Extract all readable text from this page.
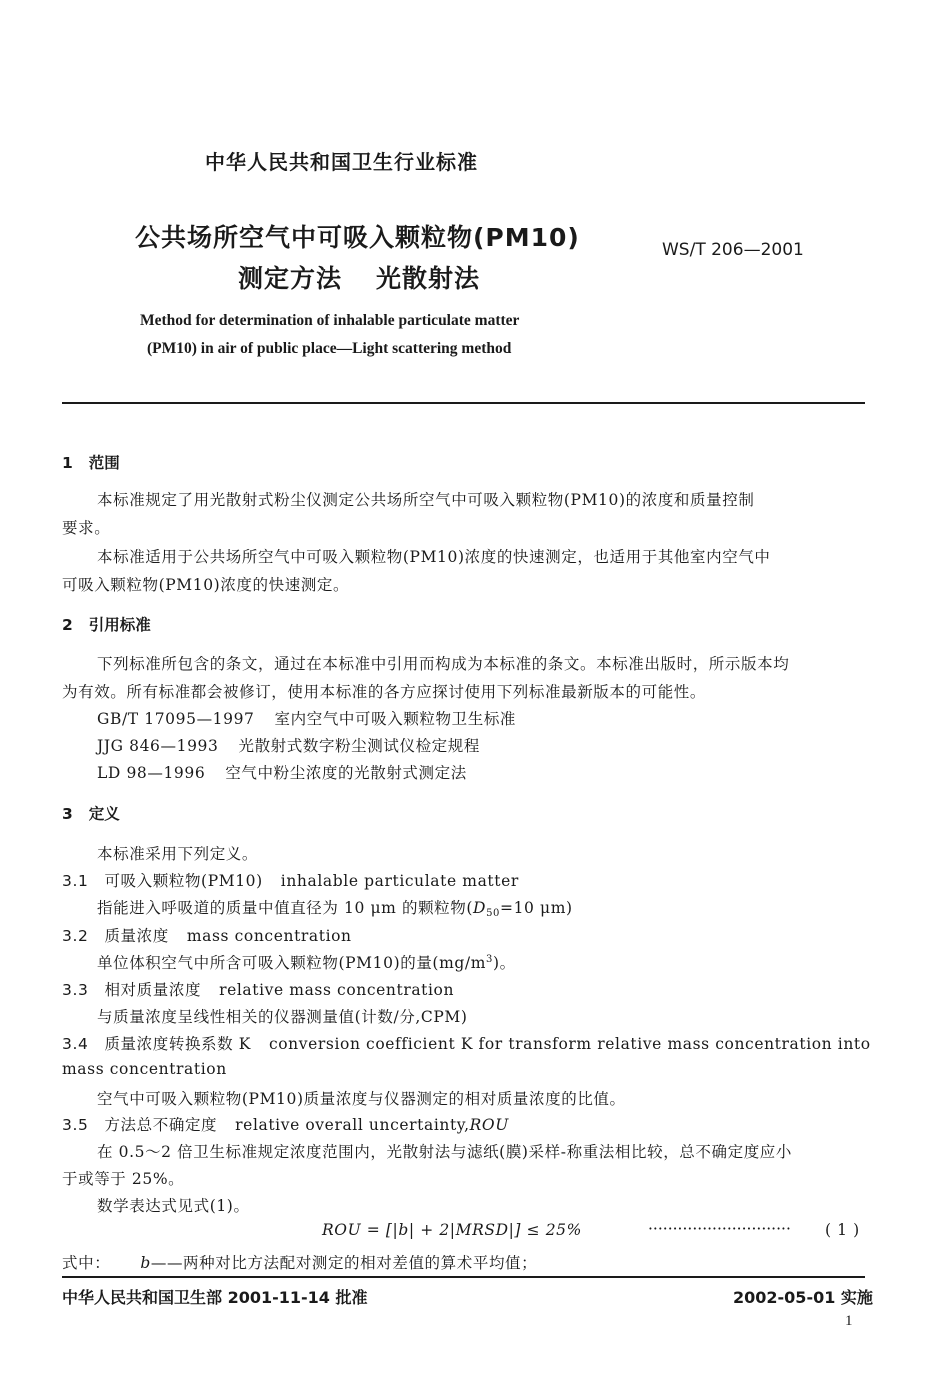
中华人民共和国卫生行业标准
公共场所空气中可吸入颗粒物(PM10)
测定方法 光散射法
WS/T 206—2001
Method for determination of inhalable particulate matter
(PM10) in air of public place—Light scattering method
1 范围
本标准规定了用光散射式粉尘仪测定公共场所空气中可吸入颗粒物(PM10)的浓度和质量控制
要求。
本标准适用于公共场所空气中可吸入颗粒物(PM10)浓度的快速测定，也适用于其他室内空气中
可吸入颗粒物(PM10)浓度的快速测定。
2 引用标准
下列标准所包含的条文，通过在本标准中引用而构成为本标准的条文。本标准出版时，所示版本均
为有效。所有标准都会被修订，使用本标准的各方应探讨使用下列标准最新版本的可能性。
GB/T 17095—1997 室内空气中可吸入颗粒物卫生标准
JJG 846—1993 光散射式数字粉尘测试仪检定规程
LD 98—1996 空气中粉尘浓度的光散射式测定法
3 定义
本标准采用下列定义。
3.1 可吸入颗粒物(PM10) inhalable particulate matter
指能进入呼吸道的质量中值直径为 10 μm 的颗粒物($D_{50}=10$ μm)
3.2 质量浓度 mass concentration
单位体积空气中所含可吸入颗粒物(PM10)的量$(mg/m^3)$。
3.3 相对质量浓度 relative mass concentration
与质量浓度呈线性相关的仪器测量值(计数/分,CPM)
3.4 质量浓度转换系数 K conversion coefficient K for transform relative mass concentration into
mass concentration
空气中可吸入颗粒物(PM10)质量浓度与仪器测定的相对质量浓度的比值。
3.5 方法总不确定度 relative overall uncertainty,ROU
在 0.5～2 倍卫生标准规定浓度范围内，光散射法与滤纸(膜)采样-称重法相比较，总不确定度应小
于或等于 25%。
数学表达式见式(1)。
ROU = [|b| + 2|MRSD|] ≤ 25%	····························· ( 1 )
式中： b——两种对比方法配对测定的相对差值的算术平均值；
中华人民共和国卫生部 2001-11-14 批准	2002-05-01 实施
1
